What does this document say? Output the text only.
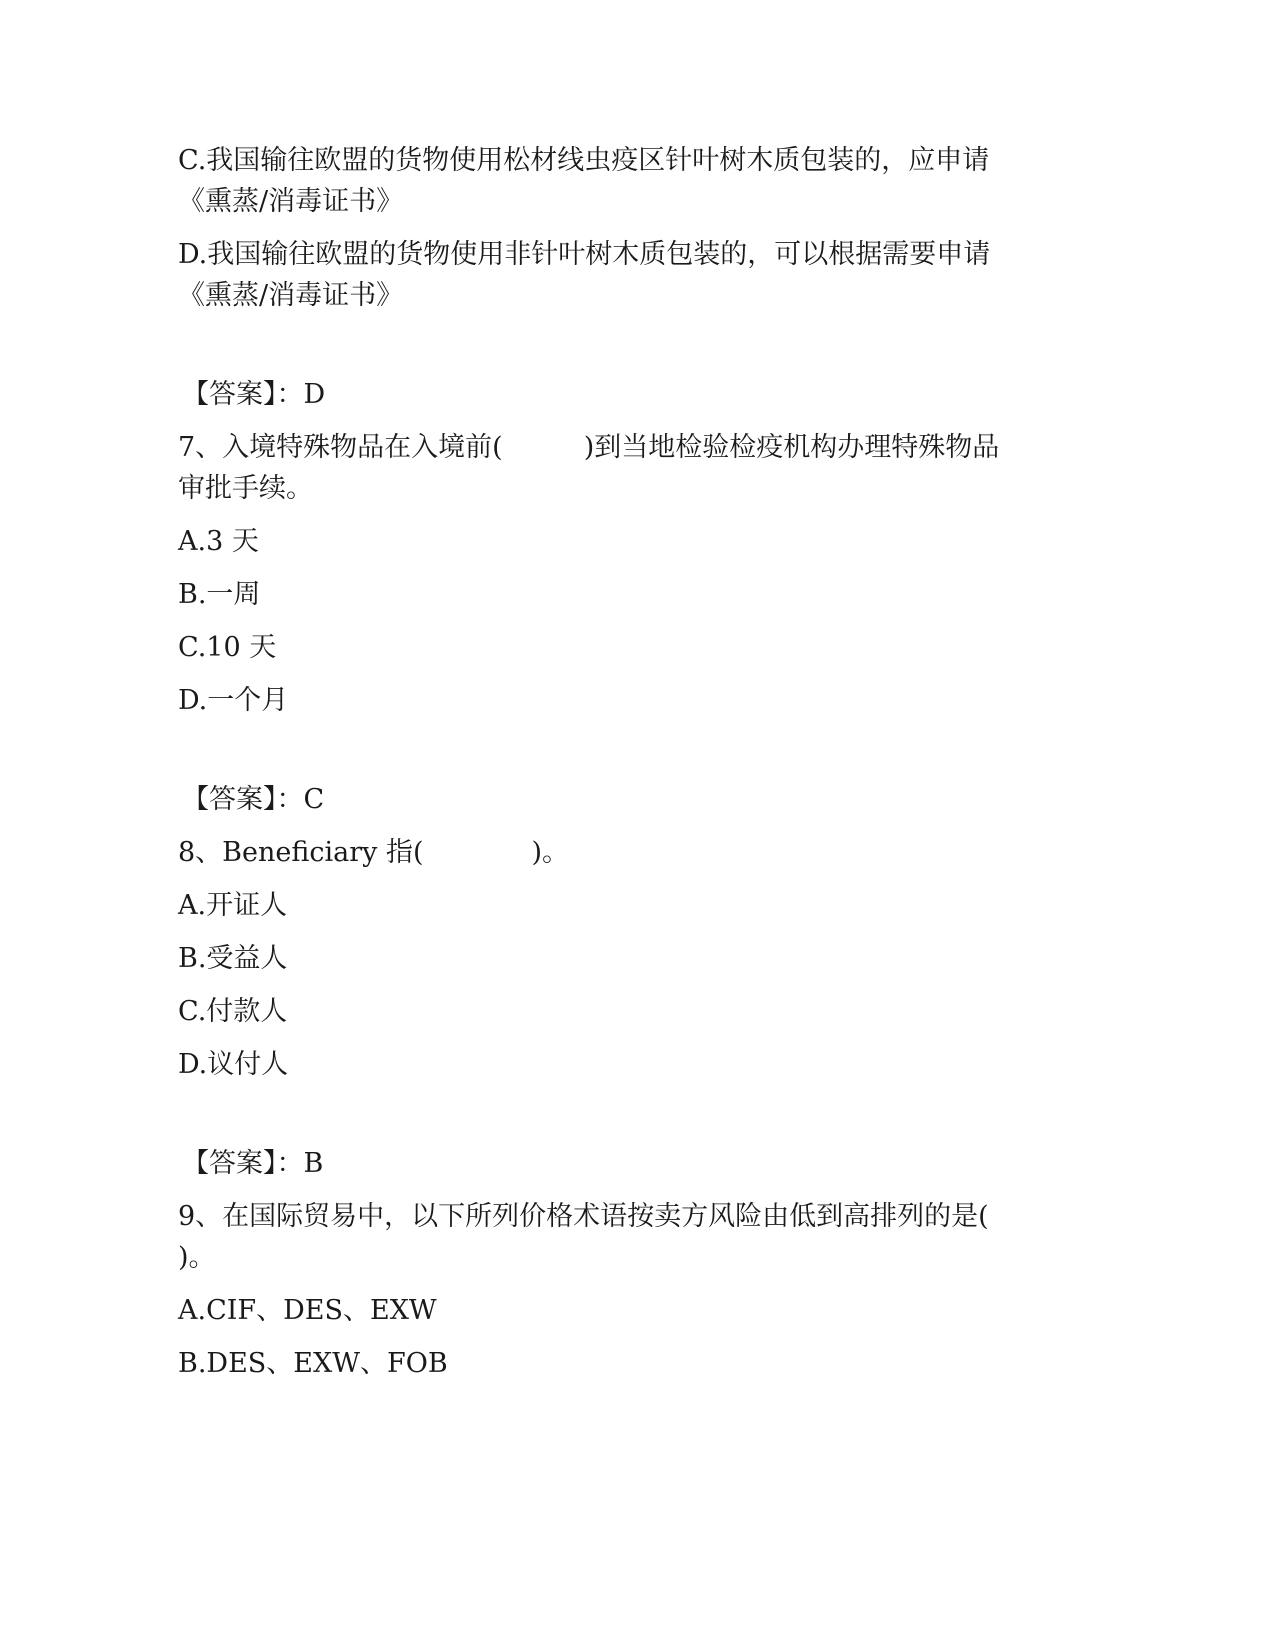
C.我国输往欧盟的货物使用松材线虫疫区针叶树木质包装的，应申请

《熏蒸/消毒证书》

D.我国输往欧盟的货物使用非针叶树木质包装的，可以根据需要申请

《熏蒸/消毒证书》

【答案】：D

7、入境特殊物品在入境前(　　　)到当地检验检疫机构办理特殊物品

审批手续。

A.3 天

B.一周

C.10 天

D.一个月

【答案】：C

8、Beneficiary 指(　　　　)。

A.开证人

B.受益人

C.付款人

D.议付人

【答案】：B

9、在国际贸易中，以下所列价格术语按卖方风险由低到高排列的是(

)。

A.CIF、DES、EXW

B.DES、EXW、FOB
